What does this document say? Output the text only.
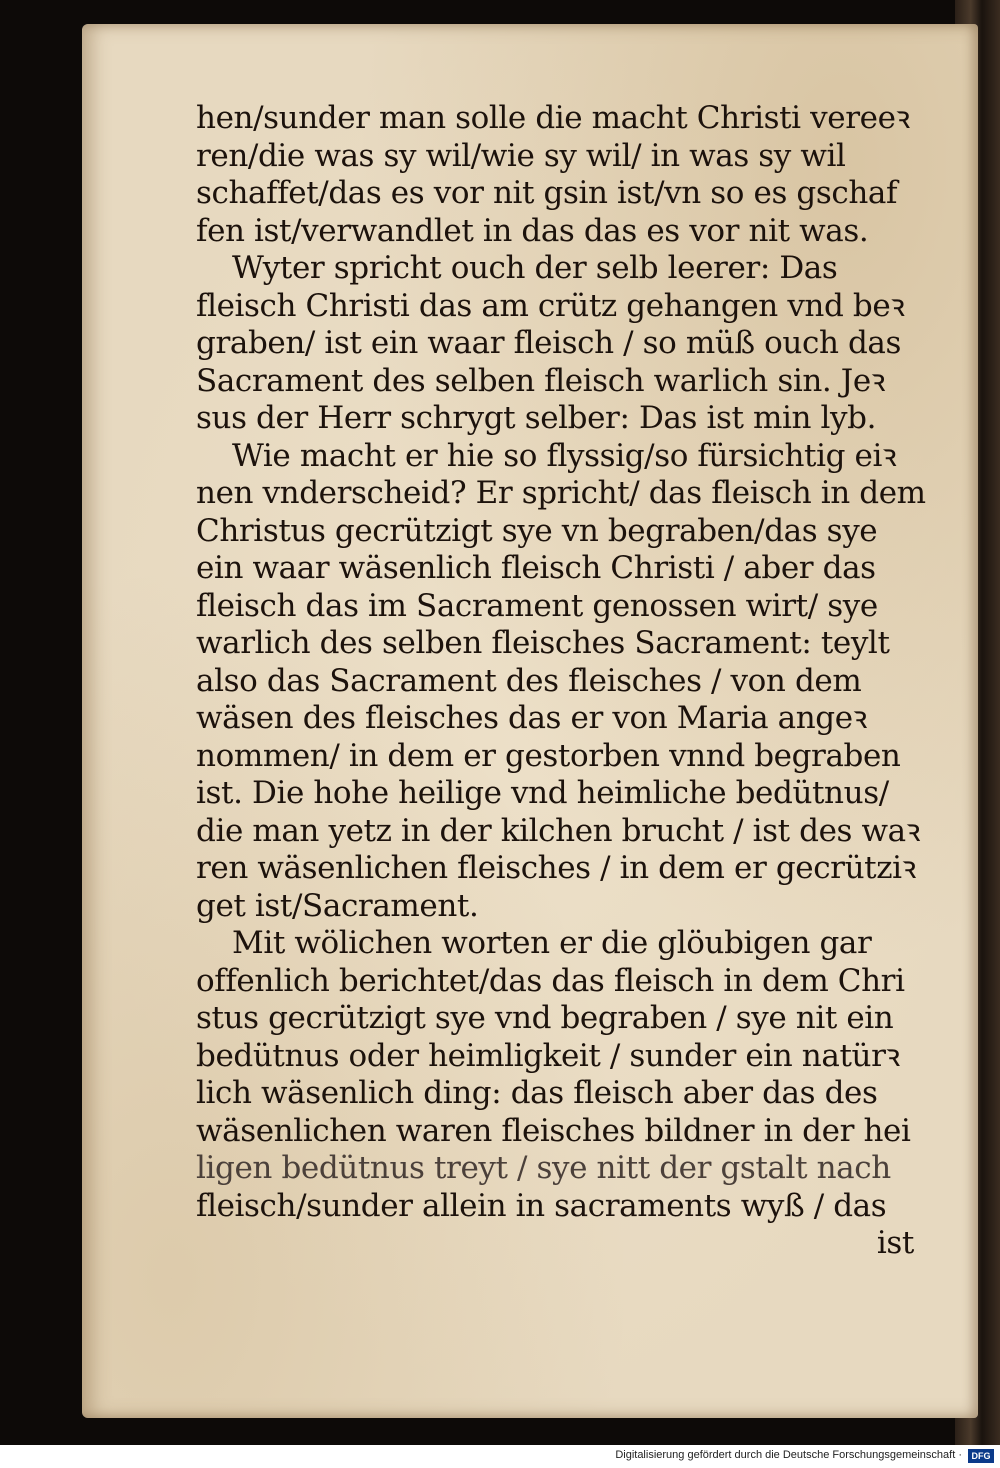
hen/sunder man solle die macht Christi vereeꝛ
ren/die was sy wil/wie sy wil/ in was sy wil
schaffet/das es vor nit gsin ist/vn so es gschaf
fen ist/verwandlet in das das es vor nit was.
Wyter spricht ouch der selb leerer: Das
fleisch Christi das am crütz gehangen vnd beꝛ
graben/ ist ein waar fleisch / so müß ouch das
Sacrament des selben fleisch warlich sin. Jeꝛ
sus der Herr schrygt selber: Das ist min lyb.
Wie macht er hie so flyssig/so fürsichtig eiꝛ
nen vnderscheid? Er spricht/ das fleisch in dem
Christus gecrützigt sye vn begraben/das sye
ein waar wäsenlich fleisch Christi / aber das
fleisch das im Sacrament genossen wirt/ sye
warlich des selben fleisches Sacrament: teylt
also das Sacrament des fleisches / von dem
wäsen des fleisches das er von Maria angeꝛ
nommen/ in dem er gestorben vnnd begraben
ist. Die hohe heilige vnd heimliche bedütnus/
die man yetz in der kilchen brucht / ist des waꝛ
ren wäsenlichen fleisches / in dem er gecrütziꝛ
get ist/Sacrament.
Mit wölichen worten er die glöubigen gar
offenlich berichtet/das das fleisch in dem Chri
stus gecrützigt sye vnd begraben / sye nit ein
bedütnus oder heimligkeit / sunder ein natürꝛ
lich wäsenlich ding: das fleisch aber das des
wäsenlichen waren fleisches bildner in der hei
ligen bedütnus treyt / sye nitt der gstalt nach
fleisch/sunder allein in sacraments wyß / das
ist
Digitalisierung gefördert durch die Deutsche Forschungsgemeinschaft ·	DFG
